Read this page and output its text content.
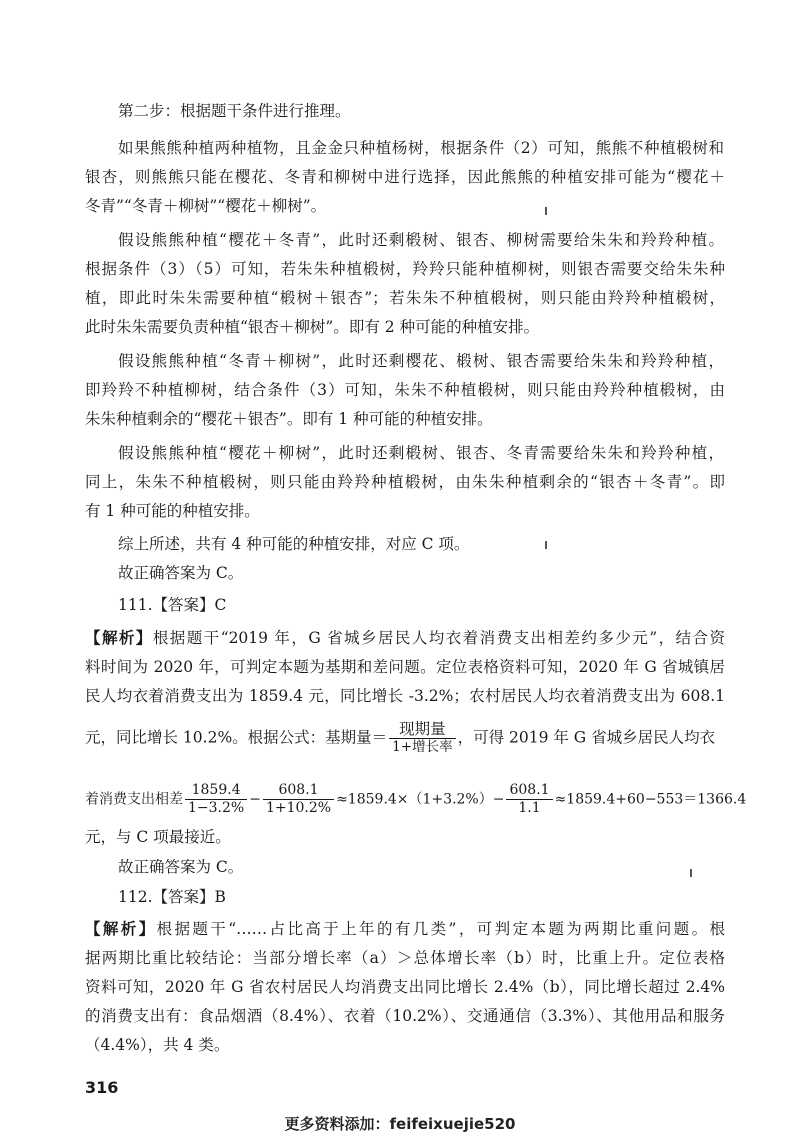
第二步：根据题干条件进行推理。
如果熊熊种植两种植物，且金金只种植杨树，根据条件（2）可知，熊熊不种植椴树和
银杏，则熊熊只能在樱花、冬青和柳树中进行选择，因此熊熊的种植安排可能为“樱花＋
冬青”“冬青＋柳树”“樱花＋柳树”。
假设熊熊种植“樱花＋冬青”，此时还剩椴树、银杏、柳树需要给朱朱和羚羚种植。
根据条件（3）（5）可知，若朱朱种植椴树，羚羚只能种植柳树，则银杏需要交给朱朱种
植，即此时朱朱需要种植“椴树＋银杏”；若朱朱不种植椴树，则只能由羚羚种植椴树，
此时朱朱需要负责种植“银杏＋柳树”。即有 2 种可能的种植安排。
假设熊熊种植“冬青＋柳树”，此时还剩樱花、椴树、银杏需要给朱朱和羚羚种植，
即羚羚不种植柳树，结合条件（3）可知，朱朱不种植椴树，则只能由羚羚种植椴树，由
朱朱种植剩余的“樱花＋银杏”。即有 1 种可能的种植安排。
假设熊熊种植“樱花＋柳树”，此时还剩椴树、银杏、冬青需要给朱朱和羚羚种植，
同上，朱朱不种植椴树，则只能由羚羚种植椴树，由朱朱种植剩余的“银杏＋冬青”。即
有 1 种可能的种植安排。
综上所述，共有 4 种可能的种植安排，对应 C 项。
故正确答案为 C。
111.【答案】C
【解析】根据题干“2019 年，G 省城乡居民人均衣着消费支出相差约多少元”，结合资
料时间为 2020 年，可判定本题为基期和差问题。定位表格资料可知，2020 年 G 省城镇居
民人均衣着消费支出为 1859.4 元，同比增长 -3.2%；农村居民人均衣着消费支出为 608.1
元，同比增长 10.2%。根据公式：基期量＝ $\frac{\text{现期量}}{\text{1+增长率}}$ ，可得 2019 年 G 省城乡居民人均衣
着消费支出相差 $\frac{1859.4}{1-3.2\%} - \frac{608.1}{1+10.2\%} \approx 1859.4\times(1+3.2\%)- \frac{608.1}{1.1} \approx 1859.4+60-553=1366.4$
元，与 C 项最接近。
故正确答案为 C。
112.【答案】B
【解析】根据题干“……占比高于上年的有几类”，可判定本题为两期比重问题。根
据两期比重比较结论：当部分增长率（a）＞总体增长率（b）时，比重上升。定位表格
资料可知，2020 年 G 省农村居民人均消费支出同比增长 2.4%（b），同比增长超过 2.4%
的消费支出有：食品烟酒（8.4%）、衣着（10.2%）、交通通信（3.3%）、其他用品和服务
（4.4%），共 4 类。
316
更多资料添加：feifeixuejie520
